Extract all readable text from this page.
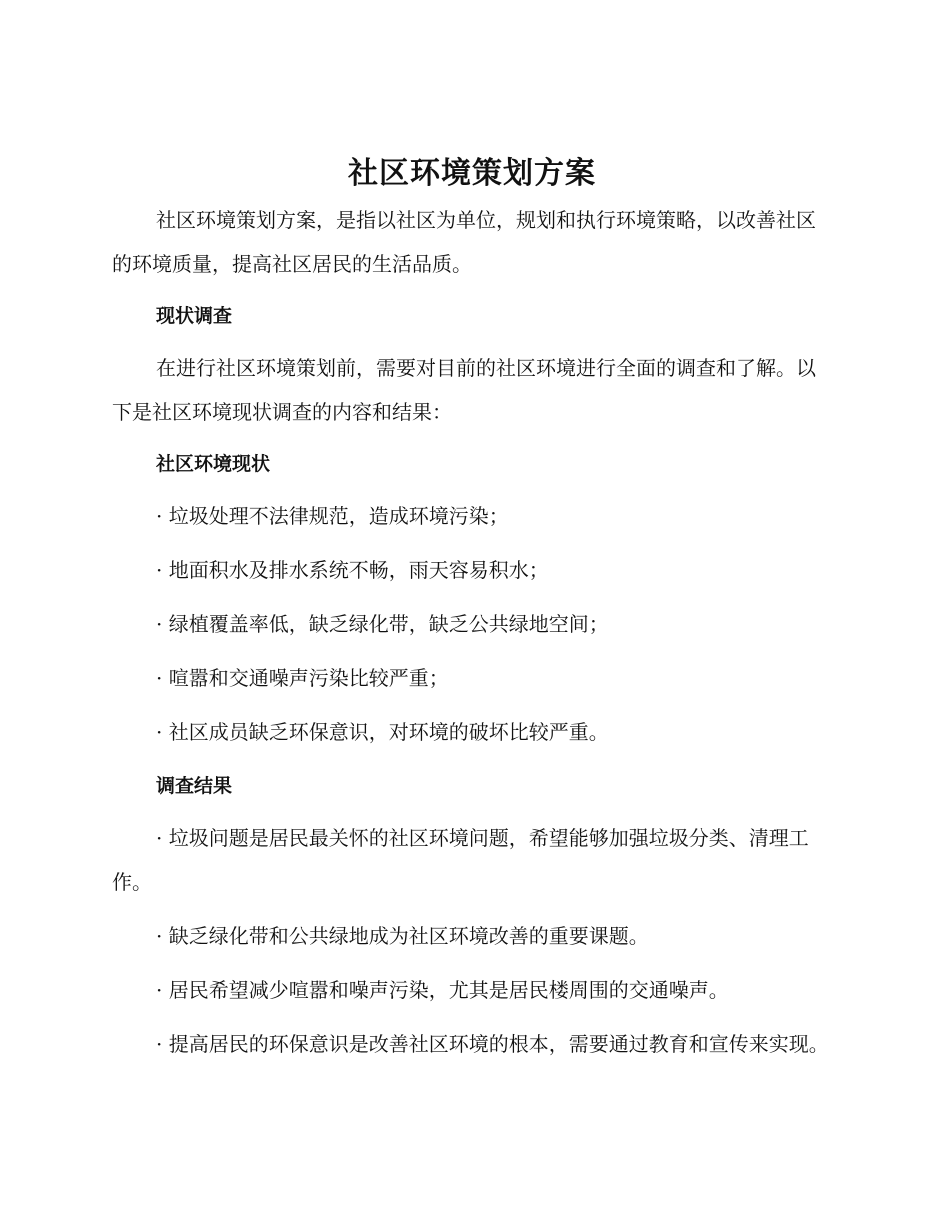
社区环境策划方案

社区环境策划方案，是指以社区为单位，规划和执行环境策略，以改善社区的环境质量，提高社区居民的生活品质。

现状调查

在进行社区环境策划前，需要对目前的社区环境进行全面的调查和了解。以下是社区环境现状调查的内容和结果：

社区环境现状
· 垃圾处理不法律规范，造成环境污染；
· 地面积水及排水系统不畅，雨天容易积水；
· 绿植覆盖率低，缺乏绿化带，缺乏公共绿地空间；
· 喧嚣和交通噪声污染比较严重；
· 社区成员缺乏环保意识，对环境的破坏比较严重。
调查结果
· 垃圾问题是居民最关怀的社区环境问题，希望能够加强垃圾分类、清理工作。
· 缺乏绿化带和公共绿地成为社区环境改善的重要课题。
· 居民希望减少喧嚣和噪声污染，尤其是居民楼周围的交通噪声。
· 提高居民的环保意识是改善社区环境的根本，需要通过教育和宣传来实现。
